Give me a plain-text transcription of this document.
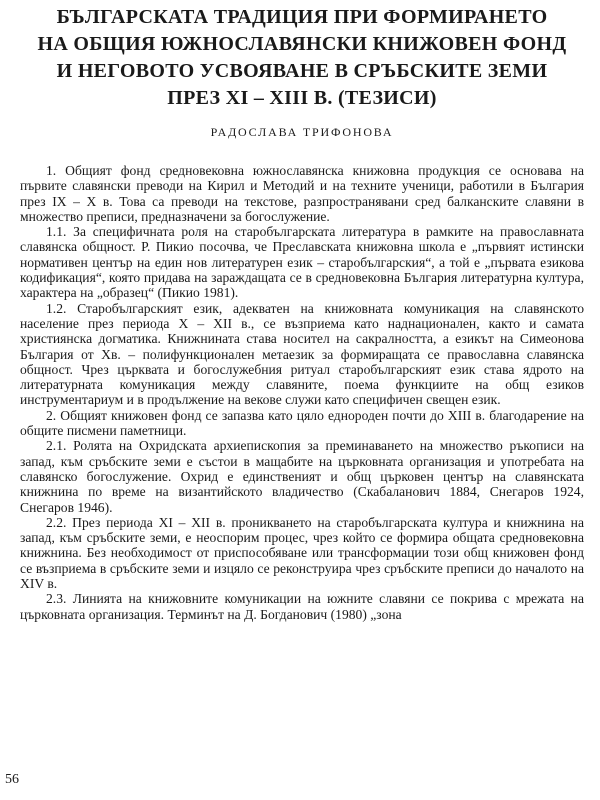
БЪЛГАРСКАТА ТРАДИЦИЯ ПРИ ФОРМИРАНЕТО
НА ОБЩИЯ ЮЖНОСЛАВЯНСКИ КНИЖОВЕН ФОНД
И НЕГОВОТО УСВОЯВАНЕ В СРЪБСКИТЕ ЗЕМИ
ПРЕЗ XI – XIII В. (ТЕЗИСИ)
РАДОСЛАВА ТРИФОНОВА

1. Общият фонд средновековна южнославянска книжовна продукция се основава на първите славянски преводи на Кирил и Методий и на техните ученици, работили в България през IX – X в. Това са преводи на текстове, разпространявани сред балканските славяни в множество преписи, предназначени за богослужение.

1.1. За специфичната роля на старобългарската литература в рамките на православната славянска общност. Р. Пикио посочва, че Преславската книжовна школа е „първият истински нормативен център на един нов литературен език – старобългарския“, а той е „първата езикова кодификация“, която придава на зараждащата се в средновековна България литературна култура, характера на „образец“ (Пикио 1981).

1.2. Старобългарският език, адекватен на книжовната комуникация на славянското население през периода X – XII в., се възприема като наднационален, както и самата християнска догматика. Книжнината става носител на сакралността, а езикът на Симеонова България от Хв. – полифункционален метаезик за формиращата се православна славянска общност. Чрез църквата и богослужебния ритуал старобългарският език става ядрото на литературната комуникация между славяните, поема функциите на общ езиков инструментариум и в продължение на векове служи като специфичен свещен език.

2. Общият книжовен фонд се запазва като цяло еднороден почти до XIII в. благодарение на общите писмени паметници.

2.1. Ролята на Охридската архиепископия за преминаването на множество ръкописи на запад, към сръбските земи е състои в мащабите на църковната организация и употребата на славянско богослужение. Охрид е единственият и общ църковен център на славянската книжнина по време на византийското владичество (Скабаланович 1884, Снегаров 1924, Снегаров 1946).

2.2. През периода XI – XII в. проникването на старобългарската култура и книжнина на запад, към сръбските земи, е неоспорим процес, чрез който се формира общата средновековна книжнина. Без необходимост от приспособяване или трансформации този общ книжовен фонд се възприема в сръбските земи и изцяло се реконструира чрез сръбските преписи до началото на XIV в.

2.3. Линията на книжовните комуникации на южните славяни се покрива с мрежата на църковната организация. Терминът на Д. Богданович (1980) „зона

56
